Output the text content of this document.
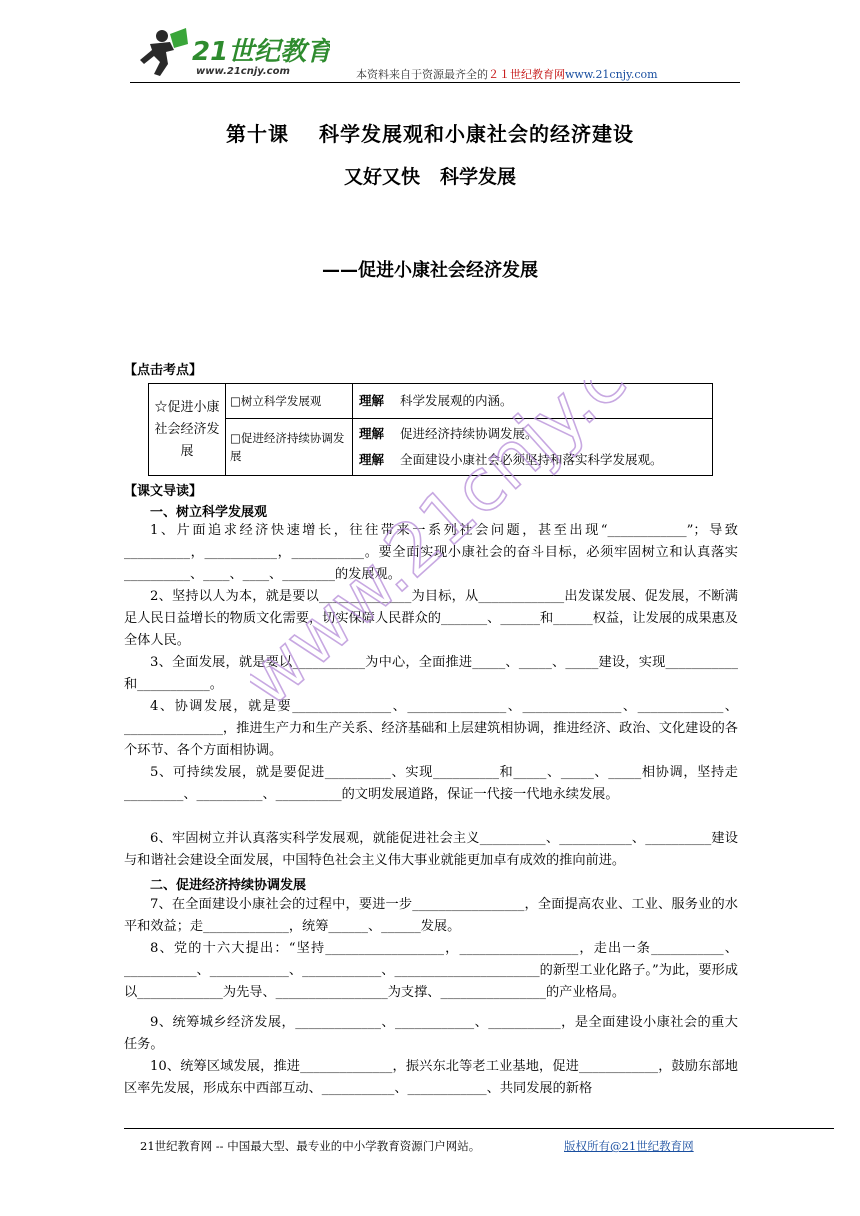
21世纪教育
www.21cnjy.com	本资料来自于资源最齐全的２１世纪教育网www.21cnjy.com
第十课 科学发展观和小康社会的经济建设
又好又快 科学发展
——促进小康社会经济发展
【点击考点】
☆促进小康社会经济发展	□树立科学发展观	理解 科学发展观的内涵。
	□促进经济持续协调发展	理解 促进经济持续协调发展。
理解 全面建设小康社会必须坚持和落实科学发展观。
【课文导读】
一、树立科学发展观
1、片面追求经济快速增长，往往带来一系列社会问题，甚至出现“____________”；导致__________，___________，___________。要全面实现小康社会的奋斗目标，必须牢固树立和认真落实__________、____、____、________的发展观。
2、坚持以人为本，就是要以______________为目标，从_____________出发谋发展、促发展，不断满足人民日益增长的物质文化需要，切实保障人民群众的_______、______和______权益，让发展的成果惠及全体人民。
3、全面发展，就是要以___________为中心，全面推进_____、_____、_____建设，实现___________和___________。
4、协调发展，就是要_______________、_______________、_______________、_____________、_______________，推进生产力和生产关系、经济基础和上层建筑相协调，推进经济、政治、文化建设的各个环节、各个方面相协调。
5、可持续发展，就是要促进__________、实现__________和_____、_____、_____相协调，坚持走_________、__________、__________的文明发展道路，保证一代接一代地永续发展。
6、牢固树立并认真落实科学发展观，就能促进社会主义__________、___________、__________建设与和谐社会建设全面发展，中国特色社会主义伟大事业就能更加卓有成效的推向前进。
二、促进经济持续协调发展
7、在全面建设小康社会的过程中，要进一步_________________，全面提高农业、工业、服务业的水平和效益；走_____________，统筹______、______发展。
8、党的十六大提出：“坚持__________________，__________________，走出一条___________、___________、____________、____________、______________________的新型工业化路子。”为此，要形成以_____________为先导、_________________为支撑、________________的产业格局。
9、统筹城乡经济发展，_____________、____________、___________，是全面建设小康社会的重大任务。
10、统筹区域发展，推进______________，振兴东北等老工业基地，促进____________，鼓励东部地区率先发展，形成东中西部互动、___________、____________、共同发展的新格
www.21cnjy.com
21世纪教育网 -- 中国最大型、最专业的中小学教育资源门户网站。	版权所有@21世纪教育网
